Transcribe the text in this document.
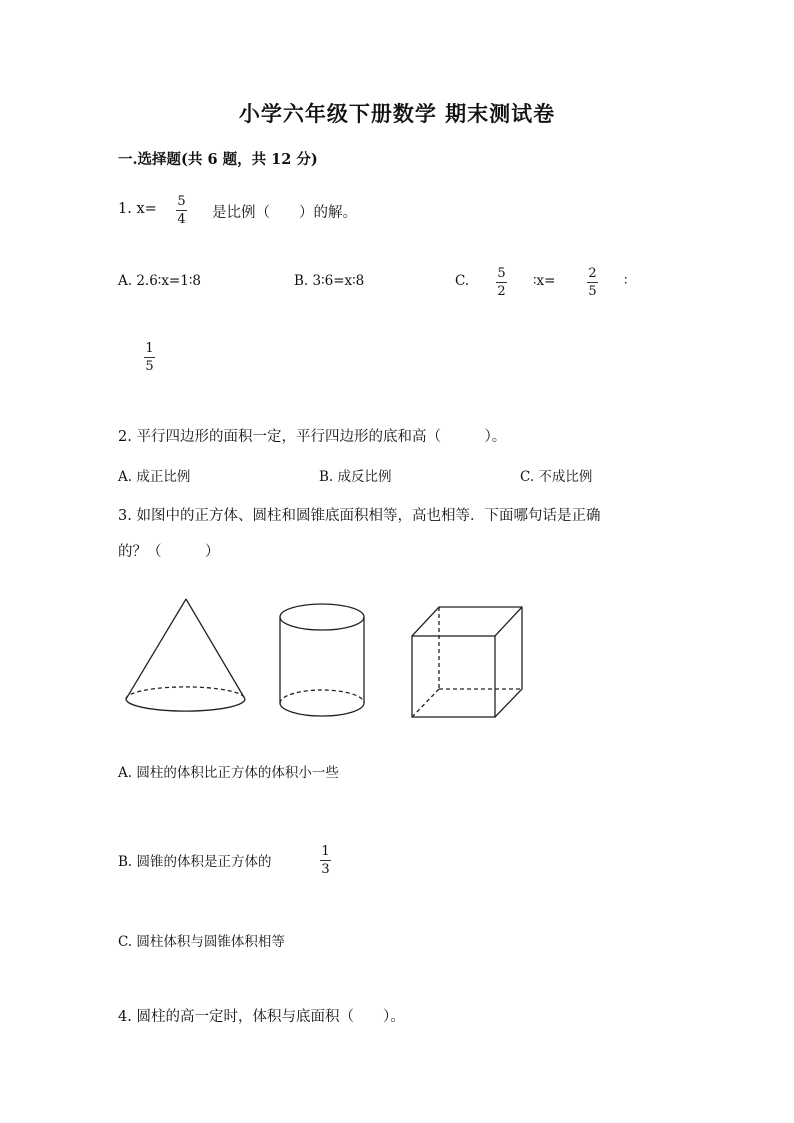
小学六年级下册数学 期末测试卷
一.选择题(共 6 题，共 12 分)
1. x= 5
4 是比例（　　）的解。
A. 2.6∶x=1∶8	B. 3∶6=x∶8	C. 5
2
∶x=	2
5
∶
1
5
2. 平行四边形的面积一定，平行四边形的底和高（　　　）。
A. 成正比例	B. 成反比例	C. 不成比例
3. 如图中的正方体、圆柱和圆锥底面积相等，高也相等．下面哪句话是正确
的？（　　　）
A. 圆柱的体积比正方体的体积小一些
B. 圆锥的体积是正方体的
1
3
C. 圆柱体积与圆锥体积相等
4. 圆柱的高一定时，体积与底面积（　　）。
